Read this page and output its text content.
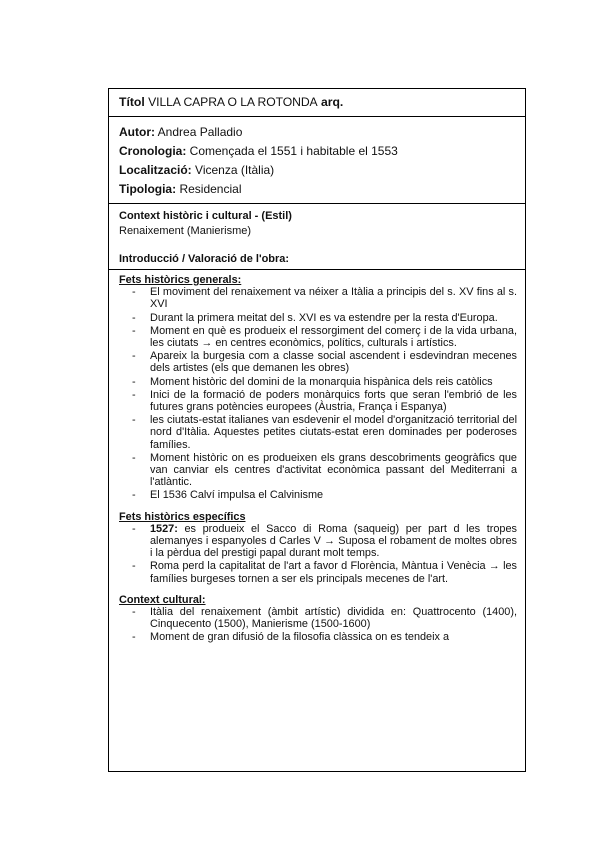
Títol VILLA CAPRA O LA ROTONDA arq.
Autor: Andrea Palladio
Cronologia: Començada el 1551 i habitable el 1553
Localització: Vicenza (Itàlia)
Tipologia: Residencial
Context històric i cultural - (Estil)
Renaixement (Manierisme)
Introducció / Valoració de l'obra:
Fets històrics generals:
- El moviment del renaixement va néixer a Itàlia a principis del s. XV fins al s. XVI
- Durant la primera meitat del s. XVI es va estendre per la resta d'Europa.
- Moment en què es produeix el ressorgiment del comerç i de la vida urbana, les ciutats → en centres econòmics, polítics, culturals i artístics.
- Apareix la burgesia com a classe social ascendent i esdevindran mecenes dels artistes (els que demanen les obres)
- Moment històric del domini de la monarquia hispànica dels reis catòlics
- Inici de la formació de poders monàrquics forts que seran l'embrió de les futures grans potències europees (Àustria, França i Espanya)
- les ciutats-estat italianes van esdevenir el model d'organització territorial del nord d'Itàlia. Aquestes petites ciutats-estat eren dominades per poderoses famílies.
- Moment històric on es produeixen els grans descobriments geogràfics que van canviar els centres d'activitat econòmica passant del Mediterrani a l'atlàntic.
- El 1536 Calví impulsa el Calvinisme
Fets històrics específics
- 1527: es produeix el Sacco di Roma (saqueig) per part d les tropes alemanyes i espanyoles d Carles V → Suposa el robament de moltes obres i la pèrdua del prestigi papal durant molt temps.
- Roma perd la capitalitat de l'art a favor d Florència, Màntua i Venècia → les famílies burgeses tornen a ser els principals mecenes de l'art.
Context cultural:
- Itàlia del renaixement (àmbit artístic) dividida en: Quattrocento (1400), Cinquecento (1500), Manierisme (1500-1600)
- Moment de gran difusió de la filosofia clàssica on es tendeix a
